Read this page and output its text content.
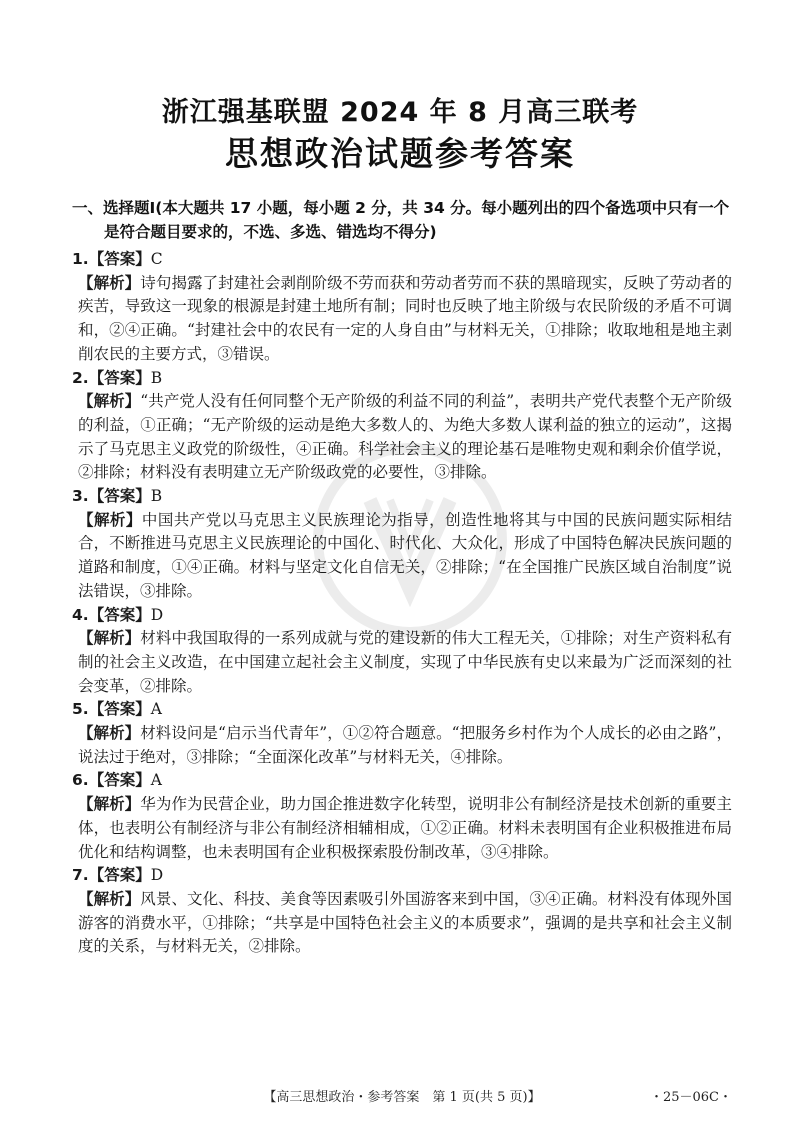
浙江强基联盟 2024 年 8 月高三联考
思想政治试题参考答案
一、选择题Ⅰ(本大题共 17 小题，每小题 2 分，共 34 分。每小题列出的四个备选项中只有一个
是符合题目要求的，不选、多选、错选均不得分)
1.【答案】C
【解析】诗句揭露了封建社会剥削阶级不劳而获和劳动者劳而不获的黑暗现实，反映了劳动者的疾苦，导致这一现象的根源是封建土地所有制；同时也反映了地主阶级与农民阶级的矛盾不可调和，②④正确。“封建社会中的农民有一定的人身自由”与材料无关，①排除；收取地租是地主剥削农民的主要方式，③错误。
2.【答案】B
【解析】“共产党人没有任何同整个无产阶级的利益不同的利益”，表明共产党代表整个无产阶级的利益，①正确；“无产阶级的运动是绝大多数人的、为绝大多数人谋利益的独立的运动”，这揭示了马克思主义政党的阶级性，④正确。科学社会主义的理论基石是唯物史观和剩余价值学说，②排除；材料没有表明建立无产阶级政党的必要性，③排除。
3.【答案】B
【解析】中国共产党以马克思主义民族理论为指导，创造性地将其与中国的民族问题实际相结合，不断推进马克思主义民族理论的中国化、时代化、大众化，形成了中国特色解决民族问题的道路和制度，①④正确。材料与坚定文化自信无关，②排除；“在全国推广民族区域自治制度”说法错误，③排除。
4.【答案】D
【解析】材料中我国取得的一系列成就与党的建设新的伟大工程无关，①排除；对生产资料私有制的社会主义改造，在中国建立起社会主义制度，实现了中华民族有史以来最为广泛而深刻的社会变革，②排除。
5.【答案】A
【解析】材料设问是“启示当代青年”，①②符合题意。“把服务乡村作为个人成长的必由之路”，说法过于绝对，③排除；“全面深化改革”与材料无关，④排除。
6.【答案】A
【解析】华为作为民营企业，助力国企推进数字化转型，说明非公有制经济是技术创新的重要主体，也表明公有制经济与非公有制经济相辅相成，①②正确。材料未表明国有企业积极推进布局优化和结构调整，也未表明国有企业积极探索股份制改革，③④排除。
7.【答案】D
【解析】风景、文化、科技、美食等因素吸引外国游客来到中国，③④正确。材料没有体现外国游客的消费水平，①排除；“共享是中国特色社会主义的本质要求”，强调的是共享和社会主义制度的关系，与材料无关，②排除。
【高三思想政治・参考答案　第 1 页(共 5 页)】	・25－06C・
